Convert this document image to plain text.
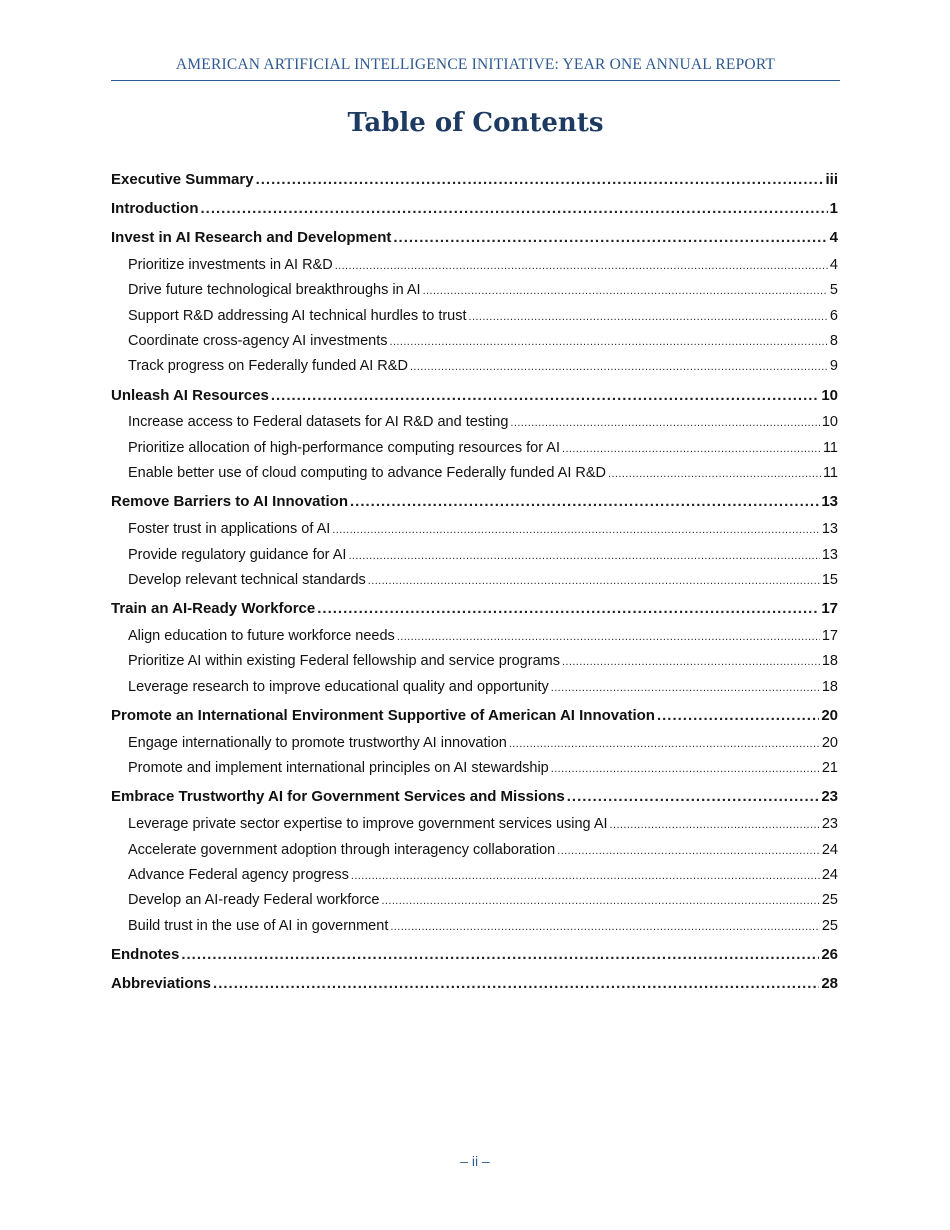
AMERICAN ARTIFICIAL INTELLIGENCE INITIATIVE: YEAR ONE ANNUAL REPORT
Table of Contents
Executive Summary .....	iii
Introduction .....	1
Invest in AI Research and Development .....	4
Prioritize investments in AI R&D .....	4
Drive future technological breakthroughs in AI .....	5
Support R&D addressing AI technical hurdles to trust .....	6
Coordinate cross-agency AI investments .....	8
Track progress on Federally funded AI R&D .....	9
Unleash AI Resources .....	10
Increase access to Federal datasets for AI R&D and testing .....	10
Prioritize allocation of high-performance computing resources for AI .....	11
Enable better use of cloud computing to advance Federally funded AI R&D .....	11
Remove Barriers to AI Innovation .....	13
Foster trust in applications of AI .....	13
Provide regulatory guidance for AI .....	13
Develop relevant technical standards .....	15
Train an AI-Ready Workforce .....	17
Align education to future workforce needs .....	17
Prioritize AI within existing Federal fellowship and service programs .....	18
Leverage research to improve educational quality and opportunity .....	18
Promote an International Environment Supportive of American AI Innovation .....	20
Engage internationally to promote trustworthy AI innovation .....	20
Promote and implement international principles on AI stewardship .....	21
Embrace Trustworthy AI for Government Services and Missions .....	23
Leverage private sector expertise to improve government services using AI .....	23
Accelerate government adoption through interagency collaboration .....	24
Advance Federal agency progress .....	24
Develop an AI-ready Federal workforce .....	25
Build trust in the use of AI in government .....	25
Endnotes .....	26
Abbreviations .....	28
– ii –
